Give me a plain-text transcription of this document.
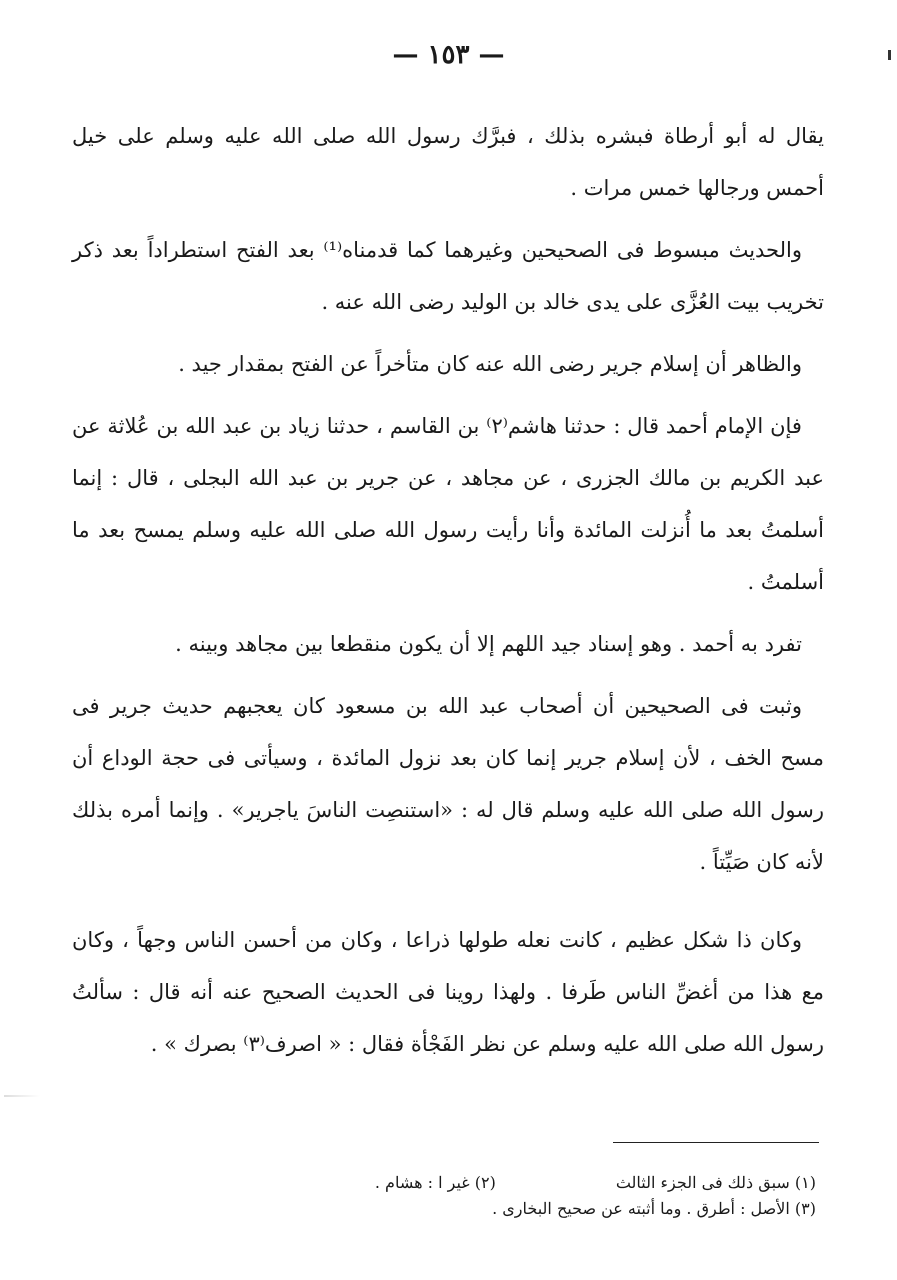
— ١٥٣ —

يقال له أبو أرطاة فبشره بذلك ، فبرَّك رسول الله صلى الله عليه وسلم على خيل أحمس ورجالها خمس مرات .

والحديث مبسوط فى الصحيحين وغيرهما كما قدمناه⁽¹⁾ بعد الفتح استطراداً بعد ذكر تخريب بيت العُزَّى على يدى خالد بن الوليد رضى الله عنه .

والظاهر أن إسلام جرير رضى الله عنه كان متأخراً عن الفتح بمقدار جيد .

فإن الإمام أحمد قال : حدثنا هاشم⁽٢⁾ بن القاسم ، حدثنا زياد بن عبد الله بن عُلاثة عن عبد الكريم بن مالك الجزرى ، عن مجاهد ، عن جرير بن عبد الله البجلى ، قال : إنما أسلمتُ بعد ما أُنزلت المائدة وأنا رأيت رسول الله صلى الله عليه وسلم يمسح بعد ما أسلمتُ .

تفرد به أحمد . وهو إسناد جيد اللهم إلا أن يكون منقطعا بين مجاهد وبينه .

وثبت فى الصحيحين أن أصحاب عبد الله بن مسعود كان يعجبهم حديث جرير فى مسح الخف ، لأن إسلام جرير إنما كان بعد نزول المائدة ، وسيأتى فى حجة الوداع أن رسول الله صلى الله عليه وسلم قال له : «استنصِت الناسَ ياجرير» . وإنما أمره بذلك لأنه كان صَيِّتاً .

وكان ذا شكل عظيم ، كانت نعله طولها ذراعا ، وكان من أحسن الناس وجهاً ، وكان مع هذا من أغضِّ الناس طَرفا . ولهذا روينا فى الحديث الصحيح عنه أنه قال : سألتُ رسول الله صلى الله عليه وسلم عن نظر الفَجْأة فقال : « اصرف⁽٣⁾ بصرك » .

(١) سبق ذلك فى الجزء الثالث
(٢) غير ا : هشام .
(٣) الأصل : أطرق . وما أثبته عن صحيح البخارى .
